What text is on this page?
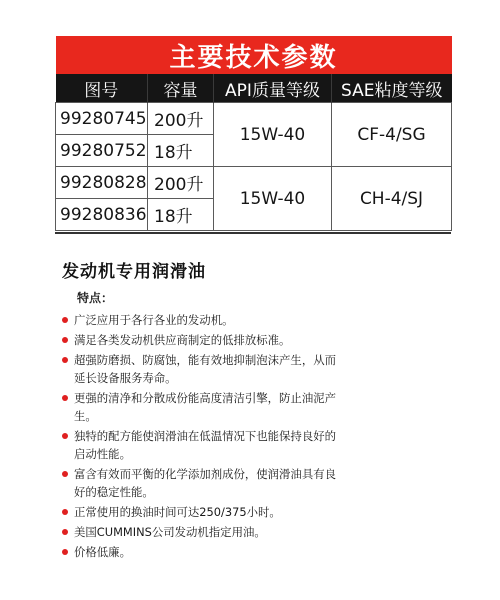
主要技术参数			
图号	容量	API质量等级	SAE粘度等级
99280745	200升	15W-40	CF-4/SG
99280752	18升		
99280828	200升	15W-40	CH-4/SJ
99280836	18升		
发动机专用润滑油
特点：
广泛应用于各行各业的发动机。
满足各类发动机供应商制定的低排放标准。
超强防磨损、防腐蚀，能有效地抑制泡沫产生，从而延长设备服务寿命。
更强的清净和分散成份能高度清洁引擎，防止油泥产生。
独特的配方能使润滑油在低温情况下也能保持良好的启动性能。
富含有效而平衡的化学添加剂成份，使润滑油具有良好的稳定性能。
正常使用的换油时间可达250/375小时。
美国CUMMINS公司发动机指定用油。
价格低廉。
